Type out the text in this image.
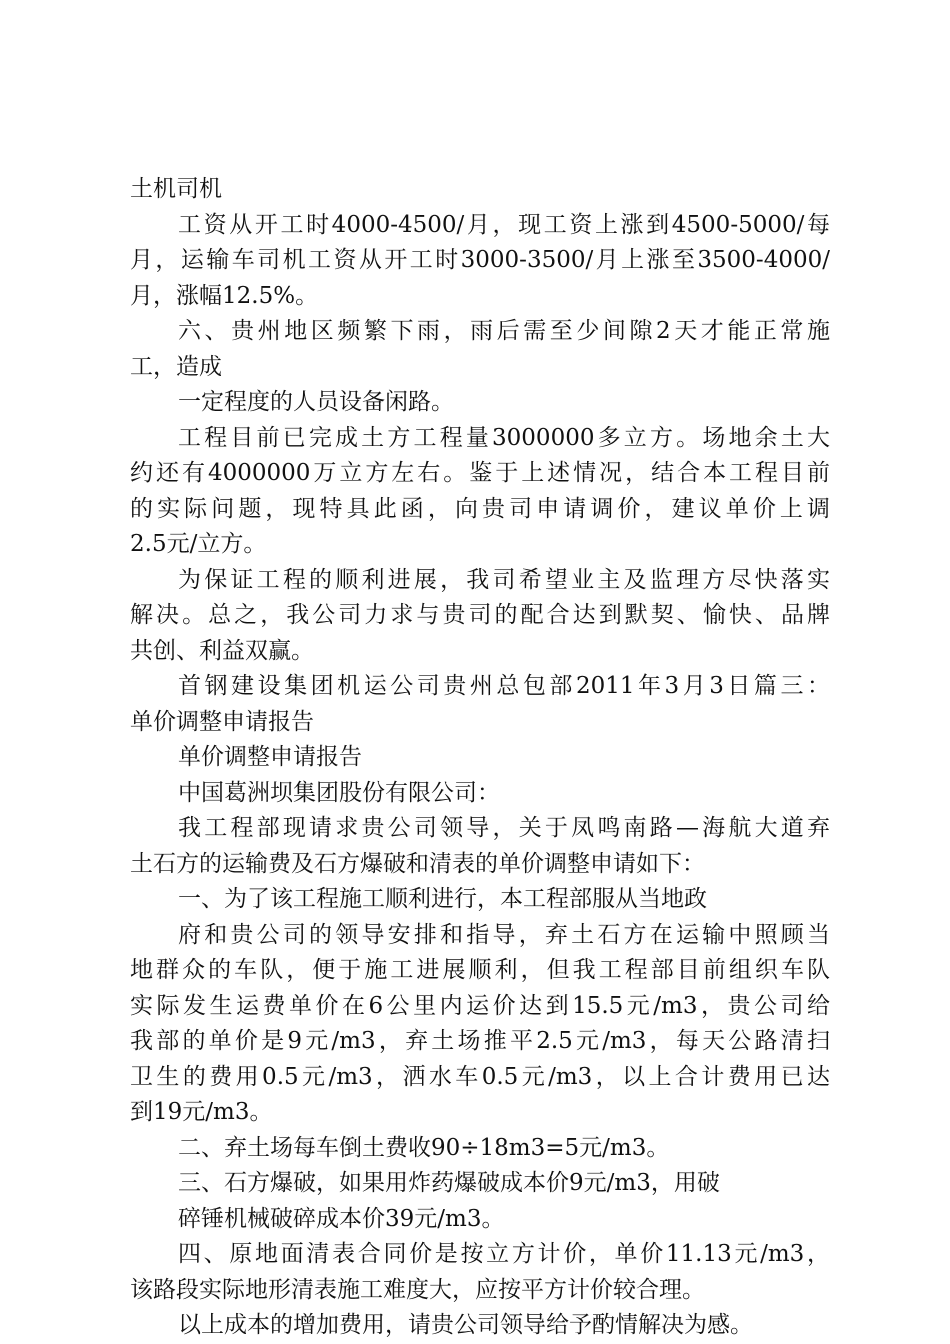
土机司机
工资从开工时4000-4500/月，现工资上涨到4500-5000/每
月，运输车司机工资从开工时3000-3500/月上涨至3500-4000/
月，涨幅12.5%。
六、贵州地区频繁下雨，雨后需至少间隙2天才能正常施
工，造成
一定程度的人员设备闲路。
工程目前已完成土方工程量3000000多立方。场地余土大
约还有4000000万立方左右。鉴于上述情况，结合本工程目前
的实际问题，现特具此函，向贵司申请调价，建议单价上调
2.5元/立方。
为保证工程的顺利进展，我司希望业主及监理方尽快落实
解决。总之，我公司力求与贵司的配合达到默契、愉快、品牌
共创、利益双赢。
首钢建设集团机运公司贵州总包部2011年3月3日篇三：
单价调整申请报告
单价调整申请报告
中国葛洲坝集团股份有限公司：
我工程部现请求贵公司领导，关于凤鸣南路—海航大道弃
土石方的运输费及石方爆破和清表的单价调整申请如下：
一、为了该工程施工顺利进行，本工程部服从当地政
府和贵公司的领导安排和指导，弃土石方在运输中照顾当
地群众的车队，便于施工进展顺利，但我工程部目前组织车队
实际发生运费单价在6公里内运价达到15.5元/m3，贵公司给
我部的单价是9元/m3，弃土场推平2.5元/m3，每天公路清扫
卫生的费用0.5元/m3，洒水车0.5元/m3，以上合计费用已达
到19元/m3。
二、弃土场每车倒土费收90÷18m3=5元/m3。
三、石方爆破，如果用炸药爆破成本价9元/m3，用破
碎锤机械破碎成本价39元/m3。
四、原地面清表合同价是按立方计价，单价11.13元/m3，
该路段实际地形清表施工难度大，应按平方计价较合理。
以上成本的增加费用，请贵公司领导给予酌情解决为感。
